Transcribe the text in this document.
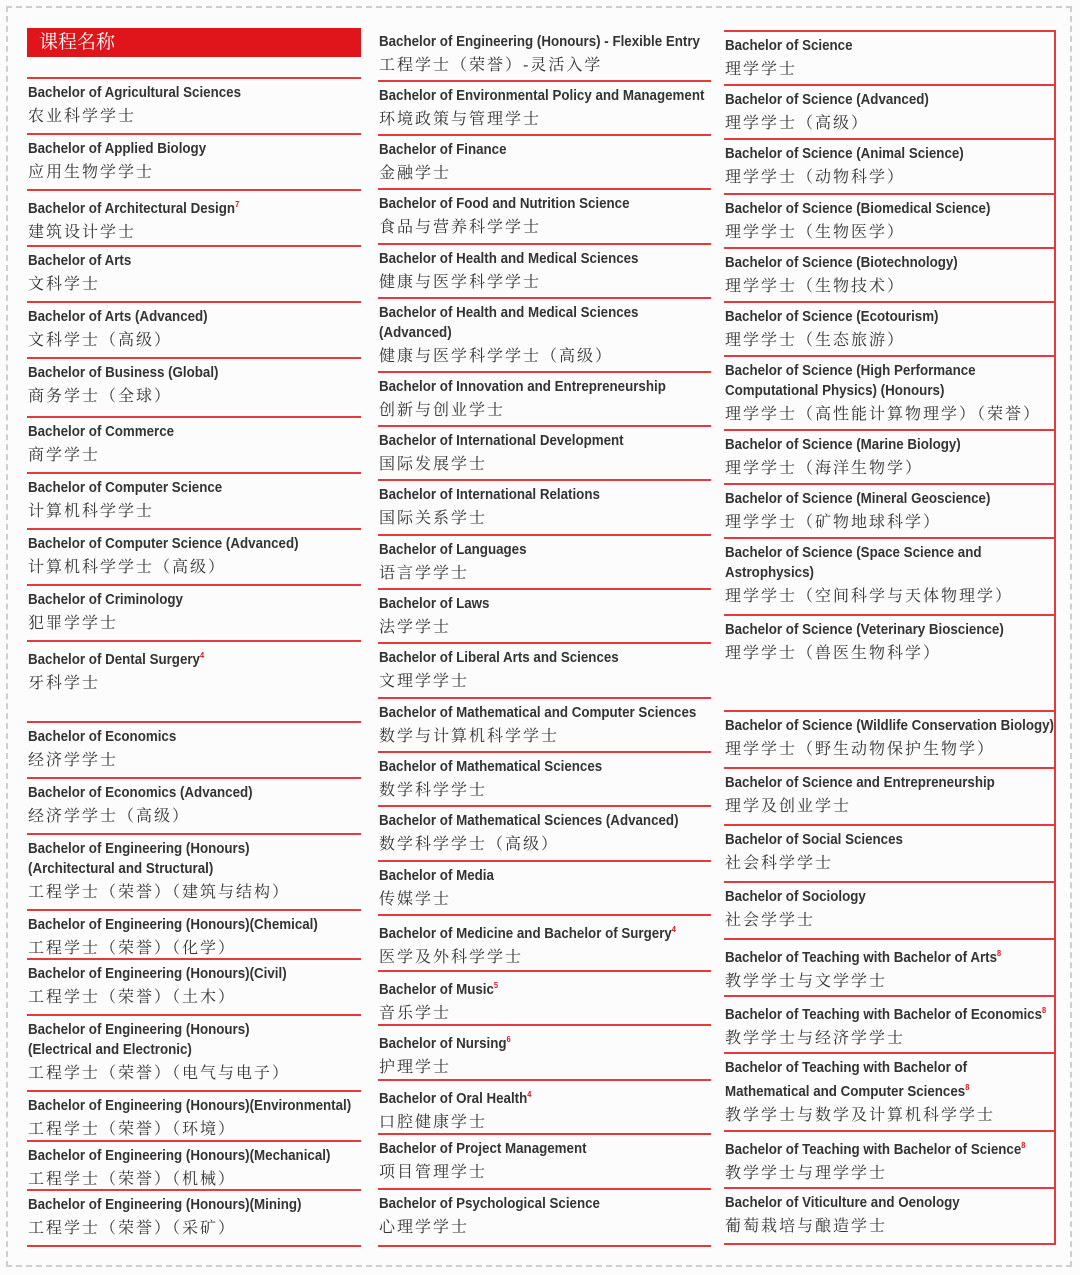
课程名称
Bachelor of Agricultural Sciences
农业科学学士
Bachelor of Applied Biology
应用生物学学士
Bachelor of Architectural Design$^7$
建筑设计学士
Bachelor of Arts
文科学士
Bachelor of Arts (Advanced)
文科学士（高级）
Bachelor of Business (Global)
商务学士（全球）
Bachelor of Commerce
商学学士
Bachelor of Computer Science
计算机科学学士
Bachelor of Computer Science (Advanced)
计算机科学学士（高级）
Bachelor of Criminology
犯罪学学士
Bachelor of Dental Surgery$^4$
牙科学士
Bachelor of Economics
经济学学士
Bachelor of Economics (Advanced)
经济学学士（高级）
Bachelor of Engineering (Honours)
(Architectural and Structural)
工程学士（荣誉）（建筑与结构）
Bachelor of Engineering (Honours)(Chemical)
工程学士（荣誉）（化学）
Bachelor of Engineering (Honours)(Civil)
工程学士（荣誉）（土木）
Bachelor of Engineering (Honours)
(Electrical and Electronic)
工程学士（荣誉）（电气与电子）
Bachelor of Engineering (Honours)(Environmental)
工程学士（荣誉）（环境）
Bachelor of Engineering (Honours)(Mechanical)
工程学士（荣誉）（机械）
Bachelor of Engineering (Honours)(Mining)
工程学士（荣誉）（采矿）
Bachelor of Engineering (Honours) - Flexible Entry
工程学士（荣誉）-灵活入学
Bachelor of Environmental Policy and Management
环境政策与管理学士
Bachelor of Finance
金融学士
Bachelor of Food and Nutrition Science
食品与营养科学学士
Bachelor of Health and Medical Sciences
健康与医学科学学士
Bachelor of Health and Medical Sciences
(Advanced)
健康与医学科学学士（高级）
Bachelor of Innovation and Entrepreneurship
创新与创业学士
Bachelor of International Development
国际发展学士
Bachelor of International Relations
国际关系学士
Bachelor of Languages
语言学学士
Bachelor of Laws
法学学士
Bachelor of Liberal Arts and Sciences
文理学学士
Bachelor of Mathematical and Computer Sciences
数学与计算机科学学士
Bachelor of Mathematical Sciences
数学科学学士
Bachelor of Mathematical Sciences (Advanced)
数学科学学士（高级）
Bachelor of Media
传媒学士
Bachelor of Medicine and Bachelor of Surgery$^4$
医学及外科学学士
Bachelor of Music$^5$
音乐学士
Bachelor of Nursing$^6$
护理学士
Bachelor of Oral Health$^4$
口腔健康学士
Bachelor of Project Management
项目管理学士
Bachelor of Psychological Science
心理学学士
Bachelor of Science
理学学士
Bachelor of Science (Advanced)
理学学士（高级）
Bachelor of Science (Animal Science)
理学学士（动物科学）
Bachelor of Science (Biomedical Science)
理学学士（生物医学）
Bachelor of Science (Biotechnology)
理学学士（生物技术）
Bachelor of Science (Ecotourism)
理学学士（生态旅游）
Bachelor of Science (High Performance
Computational Physics) (Honours)
理学学士（高性能计算物理学）（荣誉）
Bachelor of Science (Marine Biology)
理学学士（海洋生物学）
Bachelor of Science (Mineral Geoscience)
理学学士（矿物地球科学）
Bachelor of Science (Space Science and
Astrophysics)
理学学士（空间科学与天体物理学）
Bachelor of Science (Veterinary Bioscience)
理学学士（兽医生物科学）
Bachelor of Science (Wildlife Conservation Biology)
理学学士（野生动物保护生物学）
Bachelor of Science and Entrepreneurship
理学及创业学士
Bachelor of Social Sciences
社会科学学士
Bachelor of Sociology
社会学学士
Bachelor of Teaching with Bachelor of Arts$^8$
教学学士与文学学士
Bachelor of Teaching with Bachelor of Economics$^8$
教学学士与经济学学士
Bachelor of Teaching with Bachelor of
Mathematical and Computer Sciences$^8$
教学学士与数学及计算机科学学士
Bachelor of Teaching with Bachelor of Science$^8$
教学学士与理学学士
Bachelor of Viticulture and Oenology
葡萄栽培与酿造学士
